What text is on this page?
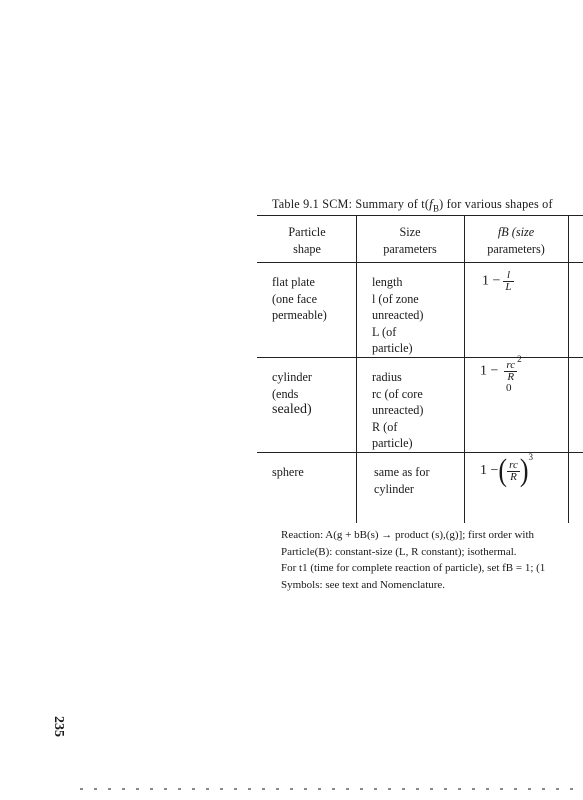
Table 9.1 SCM: Summary of $t(f_B)$ for various shapes of
Particle
shape
Size
parameters
fB (size
parameters)
flat plate
(one face
permeable)
length
l (of zone
unreacted)
L (of
particle)
$1 - \frac{l}{L}$
cylinder
(ends
sealed)
radius
rc (of core
unreacted)
R (of
particle)
$1 - \frac{rc}{R}$
$^2$
0
sphere	same as for
cylinder
1 −( $\frac{rc}{R} )^3$
Reaction: A(g + bB(s) → product (s),(g)]; first order with
Particle(B): constant-size (L, R constant); isothermal.
For t1 (time for complete reaction of particle), set fB = 1; (1
Symbols: see text and Nomenclature.
235
